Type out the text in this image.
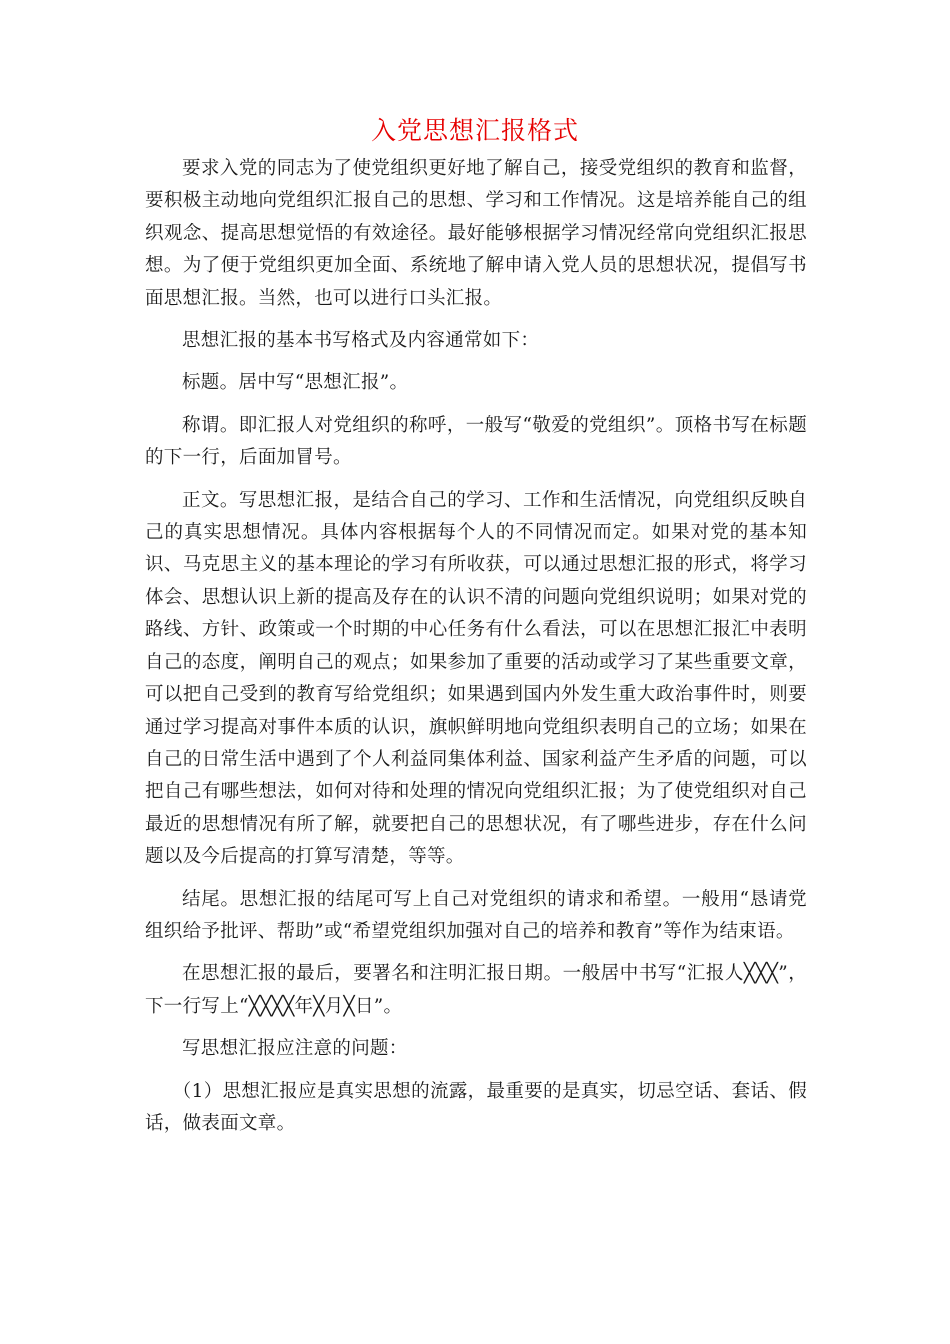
入党思想汇报格式

要求入党的同志为了使党组织更好地了解自己，接受党组织的教育和监督，要积极主动地向党组织汇报自己的思想、学习和工作情况。这是培养能自己的组织观念、提高思想觉悟的有效途径。最好能够根据学习情况经常向党组织汇报思想。为了便于党组织更加全面、系统地了解申请入党人员的思想状况，提倡写书面思想汇报。当然，也可以进行口头汇报。

思想汇报的基本书写格式及内容通常如下：

标题。居中写“思想汇报”。

称谓。即汇报人对党组织的称呼，一般写“敬爱的党组织”。顶格书写在标题的下一行，后面加冒号。

正文。写思想汇报，是结合自己的学习、工作和生活情况，向党组织反映自己的真实思想情况。具体内容根据每个人的不同情况而定。如果对党的基本知识、马克思主义的基本理论的学习有所收获，可以通过思想汇报的形式，将学习体会、思想认识上新的提高及存在的认识不清的问题向党组织说明；如果对党的路线、方针、政策或一个时期的中心任务有什么看法，可以在思想汇报汇中表明自己的态度，阐明自己的观点；如果参加了重要的活动或学习了某些重要文章，可以把自己受到的教育写给党组织；如果遇到国内外发生重大政治事件时，则要通过学习提高对事件本质的认识，旗帜鲜明地向党组织表明自己的立场；如果在自己的日常生活中遇到了个人利益同集体利益、国家利益产生矛盾的问题，可以把自己有哪些想法，如何对待和处理的情况向党组织汇报；为了使党组织对自己最近的思想情况有所了解，就要把自己的思想状况，有了哪些进步，存在什么问题以及今后提高的打算写清楚，等等。

结尾。思想汇报的结尾可写上自己对党组织的请求和希望。一般用“恳请党组织给予批评、帮助”或“希望党组织加强对自己的培养和教育”等作为结束语。

在思想汇报的最后，要署名和注明汇报日期。一般居中书写“汇报人╳╳╳”，下一行写上“╳╳╳╳年╳月╳日”。

写思想汇报应注意的问题：

（1）思想汇报应是真实思想的流露，最重要的是真实，切忌空话、套话、假话，做表面文章。
